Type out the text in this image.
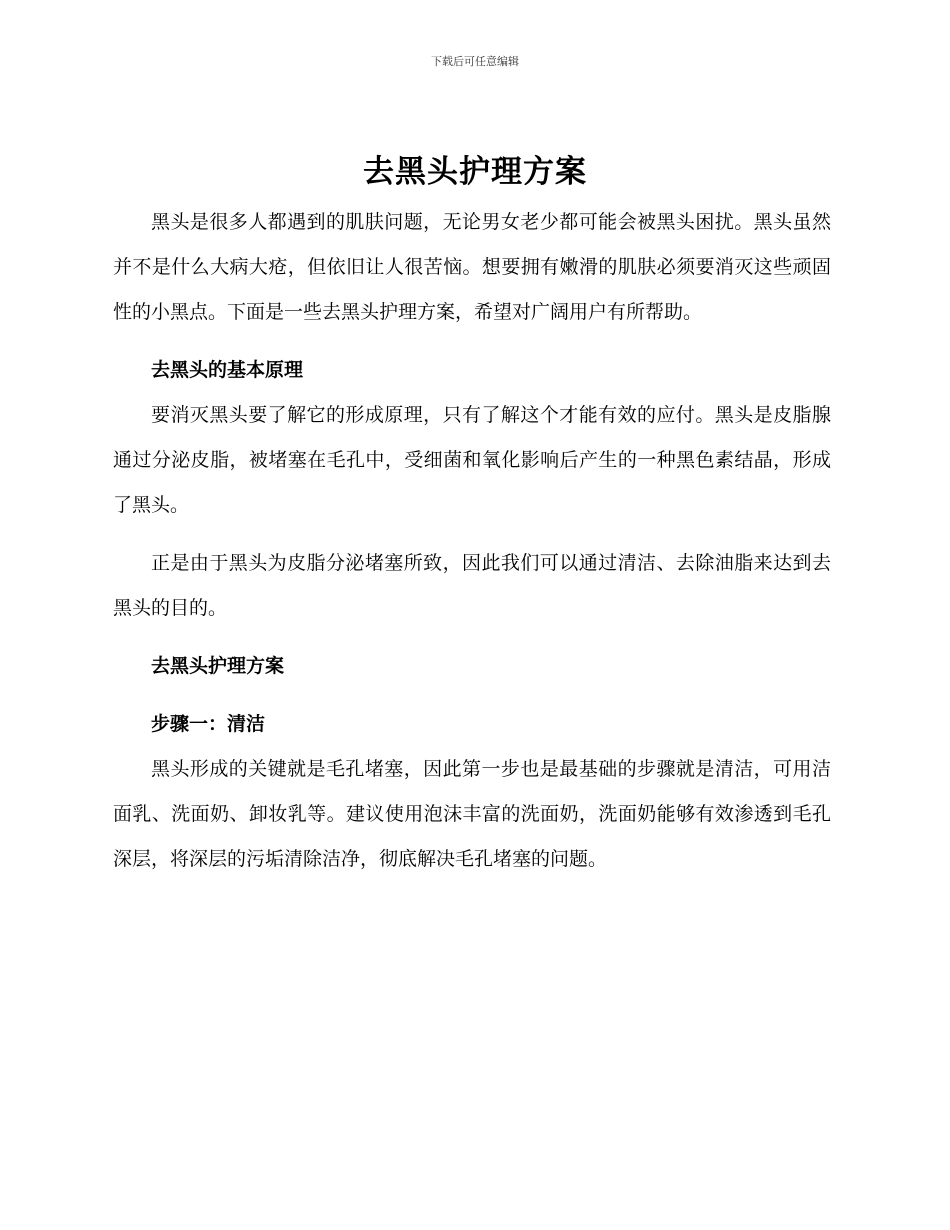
下载后可任意编辑
去黑头护理方案

黑头是很多人都遇到的肌肤问题，无论男女老少都可能会被黑头困扰。黑头虽然并不是什么大病大疮，但依旧让人很苦恼。想要拥有嫩滑的肌肤必须要消灭这些顽固性的小黑点。下面是一些去黑头护理方案，希望对广阔用户有所帮助。

去黑头的基本原理

要消灭黑头要了解它的形成原理，只有了解这个才能有效的应付。黑头是皮脂腺通过分泌皮脂，被堵塞在毛孔中，受细菌和氧化影响后产生的一种黑色素结晶，形成了黑头。

正是由于黑头为皮脂分泌堵塞所致，因此我们可以通过清洁、去除油脂来达到去黑头的目的。

去黑头护理方案

步骤一：清洁

黑头形成的关键就是毛孔堵塞，因此第一步也是最基础的步骤就是清洁，可用洁面乳、洗面奶、卸妆乳等。建议使用泡沫丰富的洗面奶，洗面奶能够有效渗透到毛孔深层，将深层的污垢清除洁净，彻底解决毛孔堵塞的问题。
